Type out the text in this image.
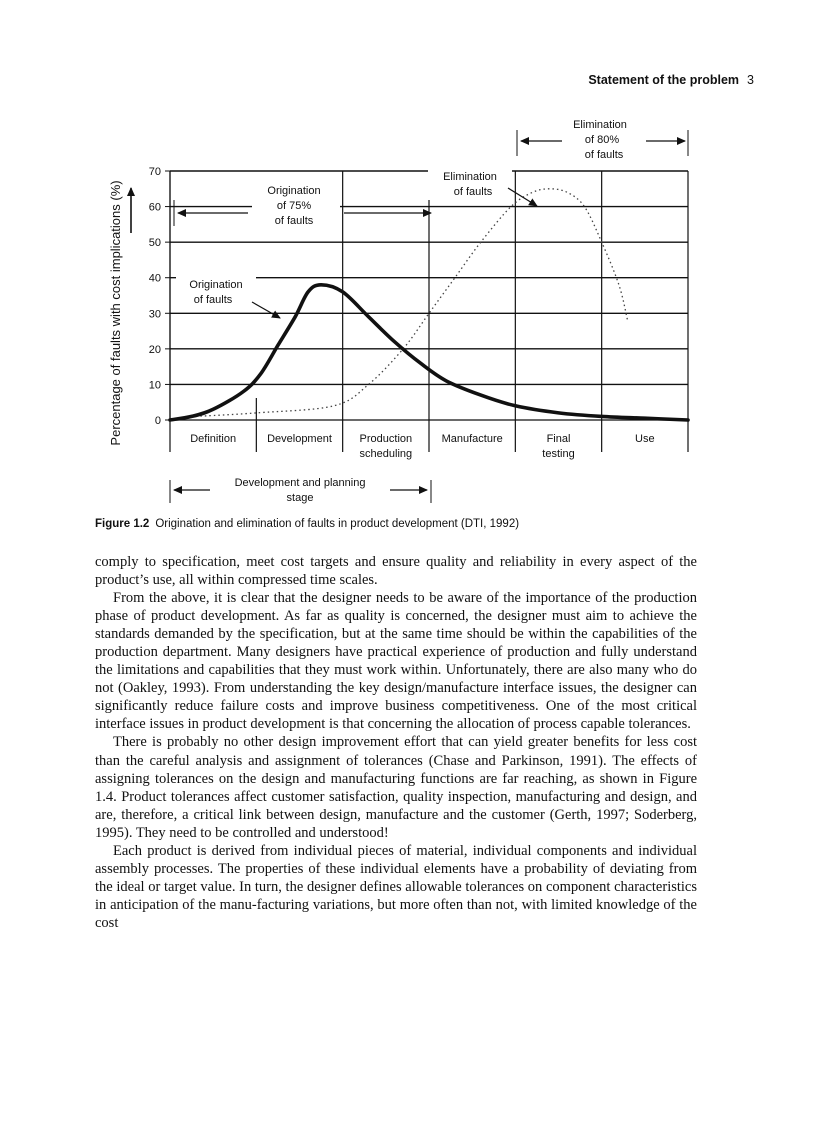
Statement of the problem 3
Percentage of faults with cost implications (%)	0
10
20
30
40
50
60
70
Definition	Development	Production
scheduling
Manufacture	Final
testing
Use
Elimination
of 80%
of faults
Elimination
of faults
Origination
of 75%
of faults
Origination
of faults
Development and planning
stage
Figure 1.2 Origination and elimination of faults in product development (DTI, 1992)

comply to specification, meet cost targets and ensure quality and reliability in every aspect of the product’s use, all within compressed time scales.

From the above, it is clear that the designer needs to be aware of the importance of the production phase of product development. As far as quality is concerned, the designer must aim to achieve the standards demanded by the specification, but at the same time should be within the capabilities of the production department. Many designers have practical experience of production and fully understand the limitations and capabilities that they must work within. Unfortunately, there are also many who do not (Oakley, 1993). From understanding the key design/manufacture interface issues, the designer can significantly reduce failure costs and improve business competitiveness. One of the most critical interface issues in product development is that concerning the allocation of process capable tolerances.

There is probably no other design improvement effort that can yield greater benefits for less cost than the careful analysis and assignment of tolerances (Chase and Parkinson, 1991). The effects of assigning tolerances on the design and manufacturing functions are far reaching, as shown in Figure 1.4. Product tolerances affect customer satisfaction, quality inspection, manufacturing and design, and are, therefore, a critical link between design, manufacture and the customer (Gerth, 1997; Soderberg, 1995). They need to be controlled and understood!

Each product is derived from individual pieces of material, individual components and individual assembly processes. The properties of these individual elements have a probability of deviating from the ideal or target value. In turn, the designer defines allowable tolerances on component characteristics in anticipation of the manu-facturing variations, but more often than not, with limited knowledge of the cost
